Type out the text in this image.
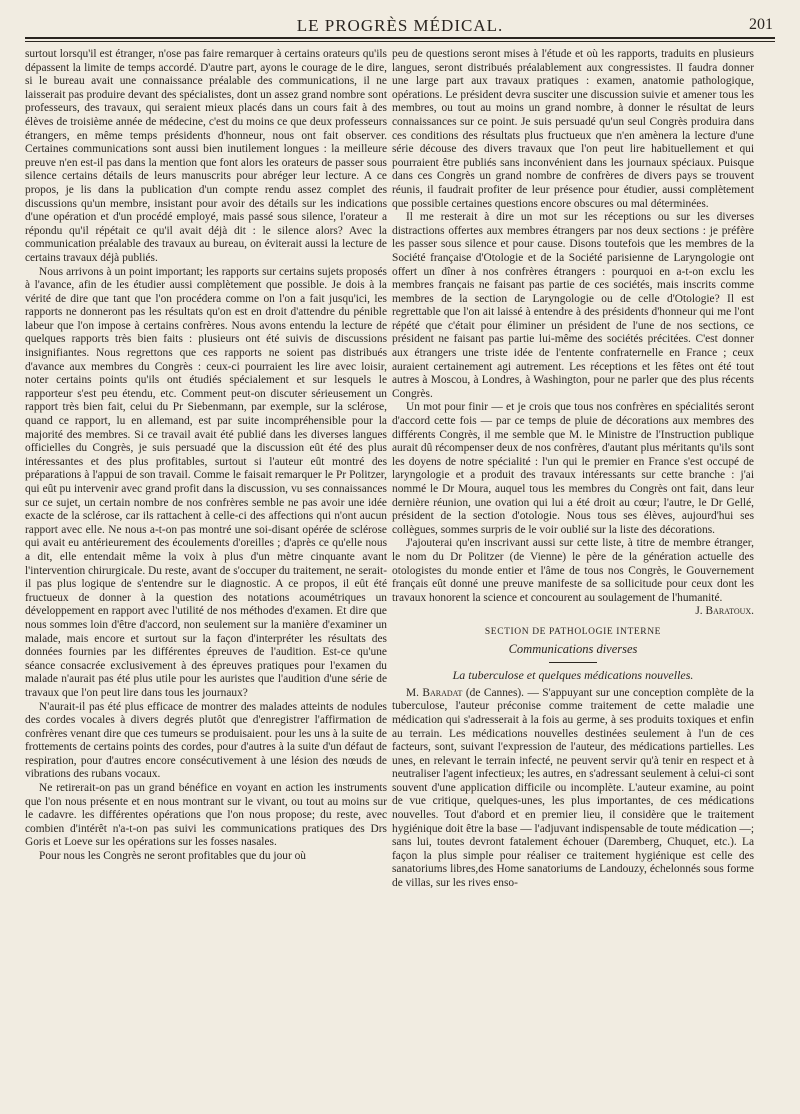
LE PROGRÈS MÉDICAL.	201

surtout lorsqu'il est étranger, n'ose pas faire remarquer à certains orateurs qu'ils dépassent la limite de temps accordé. D'autre part, ayons le courage de le dire, si le bureau avait une connaissance préalable des communications, il ne laisserait pas produire devant des spécialistes, dont un assez grand nombre sont professeurs, des travaux, qui seraient mieux placés dans un cours fait à des élèves de troisième année de médecine, c'est du moins ce que deux professeurs étrangers, en même temps présidents d'honneur, nous ont fait observer. Certaines communications sont aussi bien inutilement longues : la meilleure preuve n'en est-il pas dans la mention que font alors les orateurs de passer sous silence certains détails de leurs manuscrits pour abréger leur lecture. A ce propos, je lis dans la publication d'un compte rendu assez complet des discussions qu'un membre, insistant pour avoir des détails sur les indications d'une opération et d'un procédé employé, mais passé sous silence, l'orateur a répondu qu'il répétait ce qu'il avait déjà dit : le silence alors? Avec la communication préalable des travaux au bureau, on éviterait aussi la lecture de certains travaux déjà publiés.

Nous arrivons à un point important; les rapports sur certains sujets proposés à l'avance, afin de les étudier aussi complètement que possible. Je dois à la vérité de dire que tant que l'on procédera comme on l'on a fait jusqu'ici, les rapports ne donneront pas les résultats qu'on est en droit d'attendre du pénible labeur que l'on impose à certains confrères. Nous avons entendu la lecture de quelques rapports très bien faits : plusieurs ont été suivis de discussions insignifiantes. Nous regrettons que ces rapports ne soient pas distribués d'avance aux membres du Congrès : ceux-ci pourraient les lire avec loisir, noter certains points qu'ils ont étudiés spécialement et sur lesquels le rapporteur s'est peu étendu, etc. Comment peut-on discuter sérieusement un rapport très bien fait, celui du Pr Siebenmann, par exemple, sur la sclérose, quand ce rapport, lu en allemand, est par suite incompréhensible pour la majorité des membres. Si ce travail avait été publié dans les diverses langues officielles du Congrès, je suis persuadé que la discussion eût été des plus intéressantes et des plus profitables, surtout si l'auteur eût montré des préparations à l'appui de son travail. Comme le faisait remarquer le Pr Politzer, qui eût pu intervenir avec grand profit dans la discussion, vu ses connaissances sur ce sujet, un certain nombre de nos confrères semble ne pas avoir une idée exacte de la sclérose, car ils rattachent à celle-ci des affections qui n'ont aucun rapport avec elle. Ne nous a-t-on pas montré une soi-disant opérée de sclérose qui avait eu antérieurement des écoulements d'oreilles ; d'après ce qu'elle nous a dit, elle entendait même la voix à plus d'un mètre cinquante avant l'intervention chirurgicale. Du reste, avant de s'occuper du traitement, ne serait-il pas plus logique de s'entendre sur le diagnostic. A ce propos, il eût été fructueux de donner à la question des notations acoumétriques un développement en rapport avec l'utilité de nos méthodes d'examen. Et dire que nous sommes loin d'être d'accord, non seulement sur la manière d'examiner un malade, mais encore et surtout sur la façon d'interpréter les résultats des données fournies par les différentes épreuves de l'audition. Est-ce qu'une séance consacrée exclusivement à des épreuves pratiques pour l'examen du malade n'aurait pas été plus utile pour les auristes que l'audition d'une série de travaux que l'on peut lire dans tous les journaux?

N'aurait-il pas été plus efficace de montrer des malades atteints de nodules des cordes vocales à divers degrés plutôt que d'enregistrer l'affirmation de confrères venant dire que ces tumeurs se produisaient. pour les uns à la suite de frottements de certains points des cordes, pour d'autres à la suite d'un défaut de respiration, pour d'autres encore consécutivement à une lésion des nœuds de vibrations des rubans vocaux.

Ne retirerait-on pas un grand bénéfice en voyant en action les instruments que l'on nous présente et en nous montrant sur le vivant, ou tout au moins sur le cadavre. les différentes opérations que l'on nous propose; du reste, avec combien d'intérêt n'a-t-on pas suivi les communications pratiques des Drs Goris et Loeve sur les opérations sur les fosses nasales.

Pour nous les Congrès ne seront profitables que du jour où

peu de questions seront mises à l'étude et où les rapports, traduits en plusieurs langues, seront distribués préalablement aux congressistes. Il faudra donner une large part aux travaux pratiques : examen, anatomie pathologique, opérations. Le président devra susciter une discussion suivie et amener tous les membres, ou tout au moins un grand nombre, à donner le résultat de leurs connaissances sur ce point. Je suis persuadé qu'un seul Congrès produira dans ces conditions des résultats plus fructueux que n'en amènera la lecture d'une série découse des divers travaux que l'on peut lire habituellement et qui pourraient être publiés sans inconvénient dans les journaux spéciaux. Puisque dans ces Congrès un grand nombre de confrères de divers pays se trouvent réunis, il faudrait profiter de leur présence pour étudier, aussi complètement que possible certaines questions encore obscures ou mal déterminées.

Il me resterait à dire un mot sur les réceptions ou sur les diverses distractions offertes aux membres étrangers par nos deux sections : je préfère les passer sous silence et pour cause. Disons toutefois que les membres de la Société française d'Otologie et de la Société parisienne de Laryngologie ont offert un dîner à nos confrères étrangers : pourquoi en a-t-on exclu les membres français ne faisant pas partie de ces sociétés, mais inscrits comme membres de la section de Laryngologie ou de celle d'Otologie? Il est regrettable que l'on ait laissé à entendre à des présidents d'honneur qui me l'ont répété que c'était pour éliminer un président de l'une de nos sections, ce président ne faisant pas partie lui-même des sociétés précitées. C'est donner aux étrangers une triste idée de l'entente confraternelle en France ; ceux auraient certainement agi autrement. Les réceptions et les fêtes ont été tout autres à Moscou, à Londres, à Washington, pour ne parler que des plus récents Congrès.

Un mot pour finir — et je crois que tous nos confrères en spécialités seront d'accord cette fois — par ce temps de pluie de décorations aux membres des différents Congrès, il me semble que M. le Ministre de l'Instruction publique aurait dû récompenser deux de nos confrères, d'autant plus méritants qu'ils sont les doyens de notre spécialité : l'un qui le premier en France s'est occupé de laryngologie et a produit des travaux intéressants sur cette branche : j'ai nommé le Dr Moura, auquel tous les membres du Congrès ont fait, dans leur dernière réunion, une ovation qui lui a été droit au cœur; l'autre, le Dr Gellé, président de la section d'otologie. Nous tous ses élèves, aujourd'hui ses collègues, sommes surpris de le voir oublié sur la liste des décorations.

J'ajouterai qu'en inscrivant aussi sur cette liste, à titre de membre étranger, le nom du Dr Politzer (de Vienne) le père de la génération actuelle des otologistes du monde entier et l'âme de tous nos Congrès, le Gouvernement français eût donné une preuve manifeste de sa sollicitude pour ceux dont les travaux honorent la science et concourent au soulagement de l'humanité.

J. Baratoux.

SECTION DE PATHOLOGIE INTERNE
Communications diverses
La tuberculose et quelques médications nouvelles.

M. Baradat (de Cannes). — S'appuyant sur une conception complète de la tuberculose, l'auteur préconise comme traitement de cette maladie une médication qui s'adresserait à la fois au germe, à ses produits toxiques et enfin au terrain. Les médications nouvelles destinées seulement à l'un de ces facteurs, sont, suivant l'expression de l'auteur, des médications partielles. Les unes, en relevant le terrain infecté, ne peuvent servir qu'à tenir en respect et à neutraliser l'agent infectieux; les autres, en s'adressant seulement à celui-ci sont souvent d'une application difficile ou incomplète. L'auteur examine, au point de vue critique, quelques-unes, les plus importantes, de ces médications nouvelles. Tout d'abord et en premier lieu, il considère que le traitement hygiénique doit être la base — l'adjuvant indispensable de toute médication —; sans lui, toutes devront fatalement échouer (Daremberg, Chuquet, etc.). La façon la plus simple pour réaliser ce traitement hygiénique est celle des sanatoriums libres,des Home sanatoriums de Landouzy, échelonnés sous forme de villas, sur les rives enso-
